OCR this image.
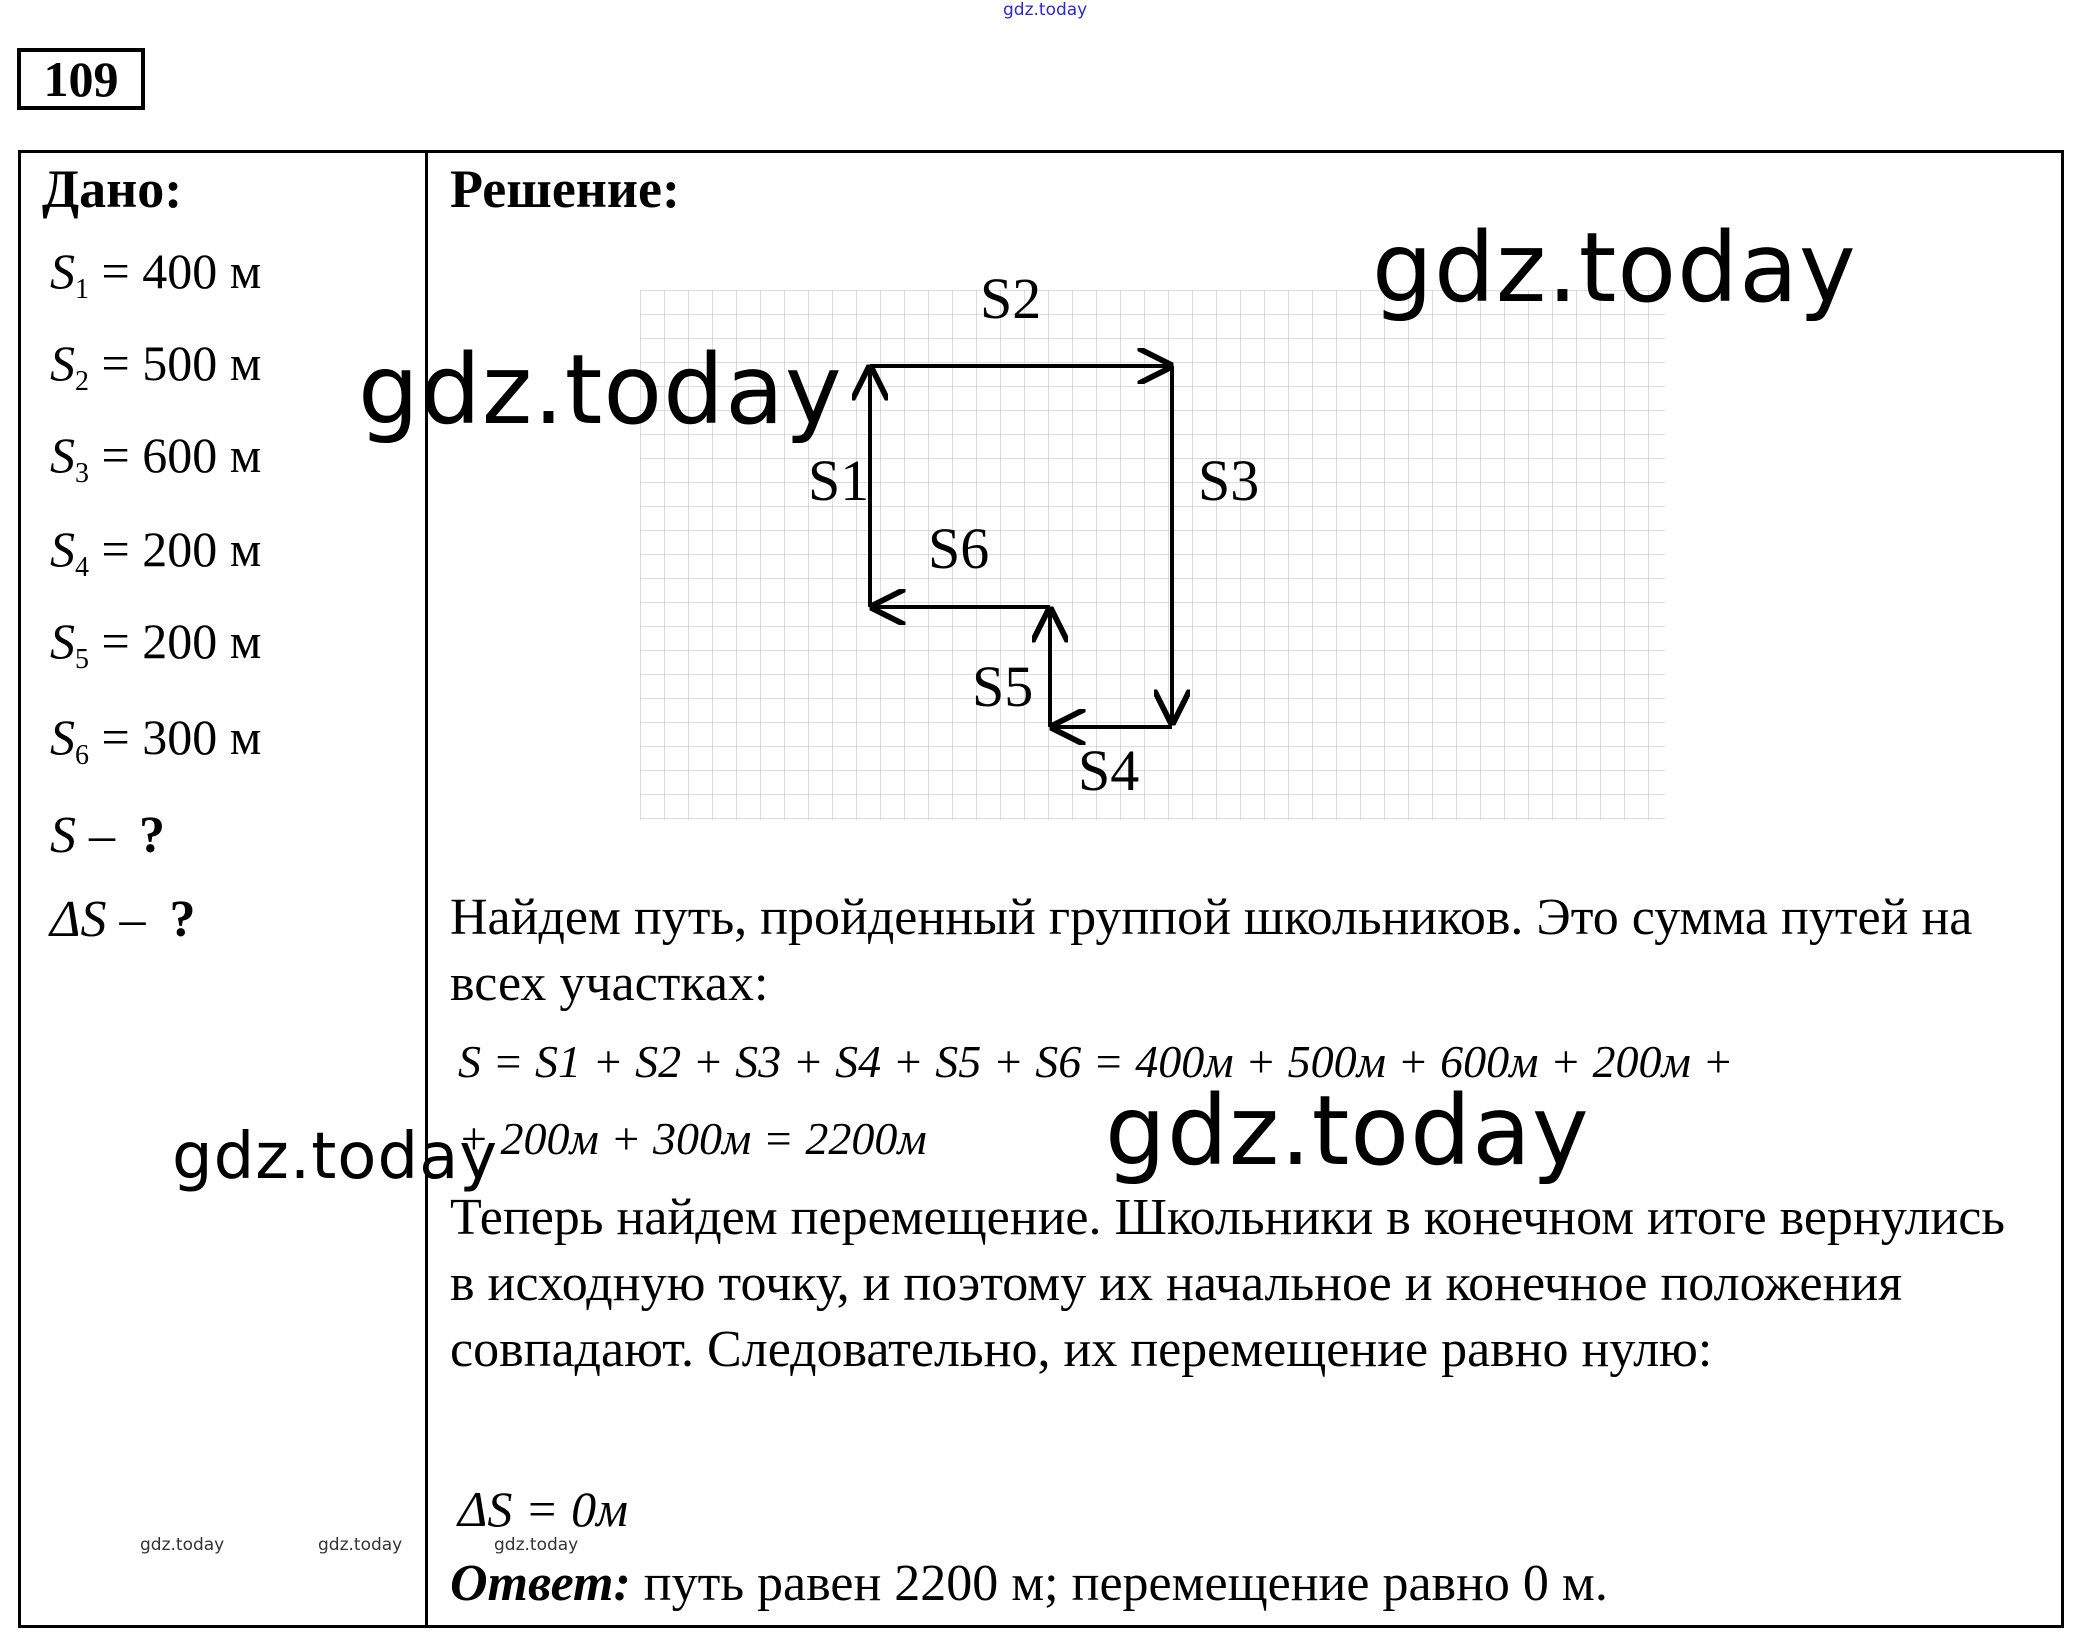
gdz.today
109
Дано:
$S_1 = 400$ м
$S_2 = 500$ м
$S_3 = 600$ м
$S_4 = 200$ м
$S_5 = 200$ м
$S_6 = 300$ м
S – ?
ΔS – ?
Решение:
S1
S2
S3
S4
S5
S6
Найдем путь, пройденный группой школьников. Это сумма путей на всех участках:
S = S1 + S2 + S3 + S4 + S5 + S6 = 400м + 500м + 600м + 200м +
+ 200м + 300м = 2200м
Теперь найдем перемещение. Школьники в конечном итоге вернулись в исходную точку, и поэтому их начальное и конечное положения совпадают. Следовательно, их перемещение равно нулю:
ΔS = 0м
Ответ: путь равен 2200 м; перемещение равно 0 м.
gdz.today
gdz.today
gdz.today
gdz.today
gdz.today	gdz.today	gdz.today
